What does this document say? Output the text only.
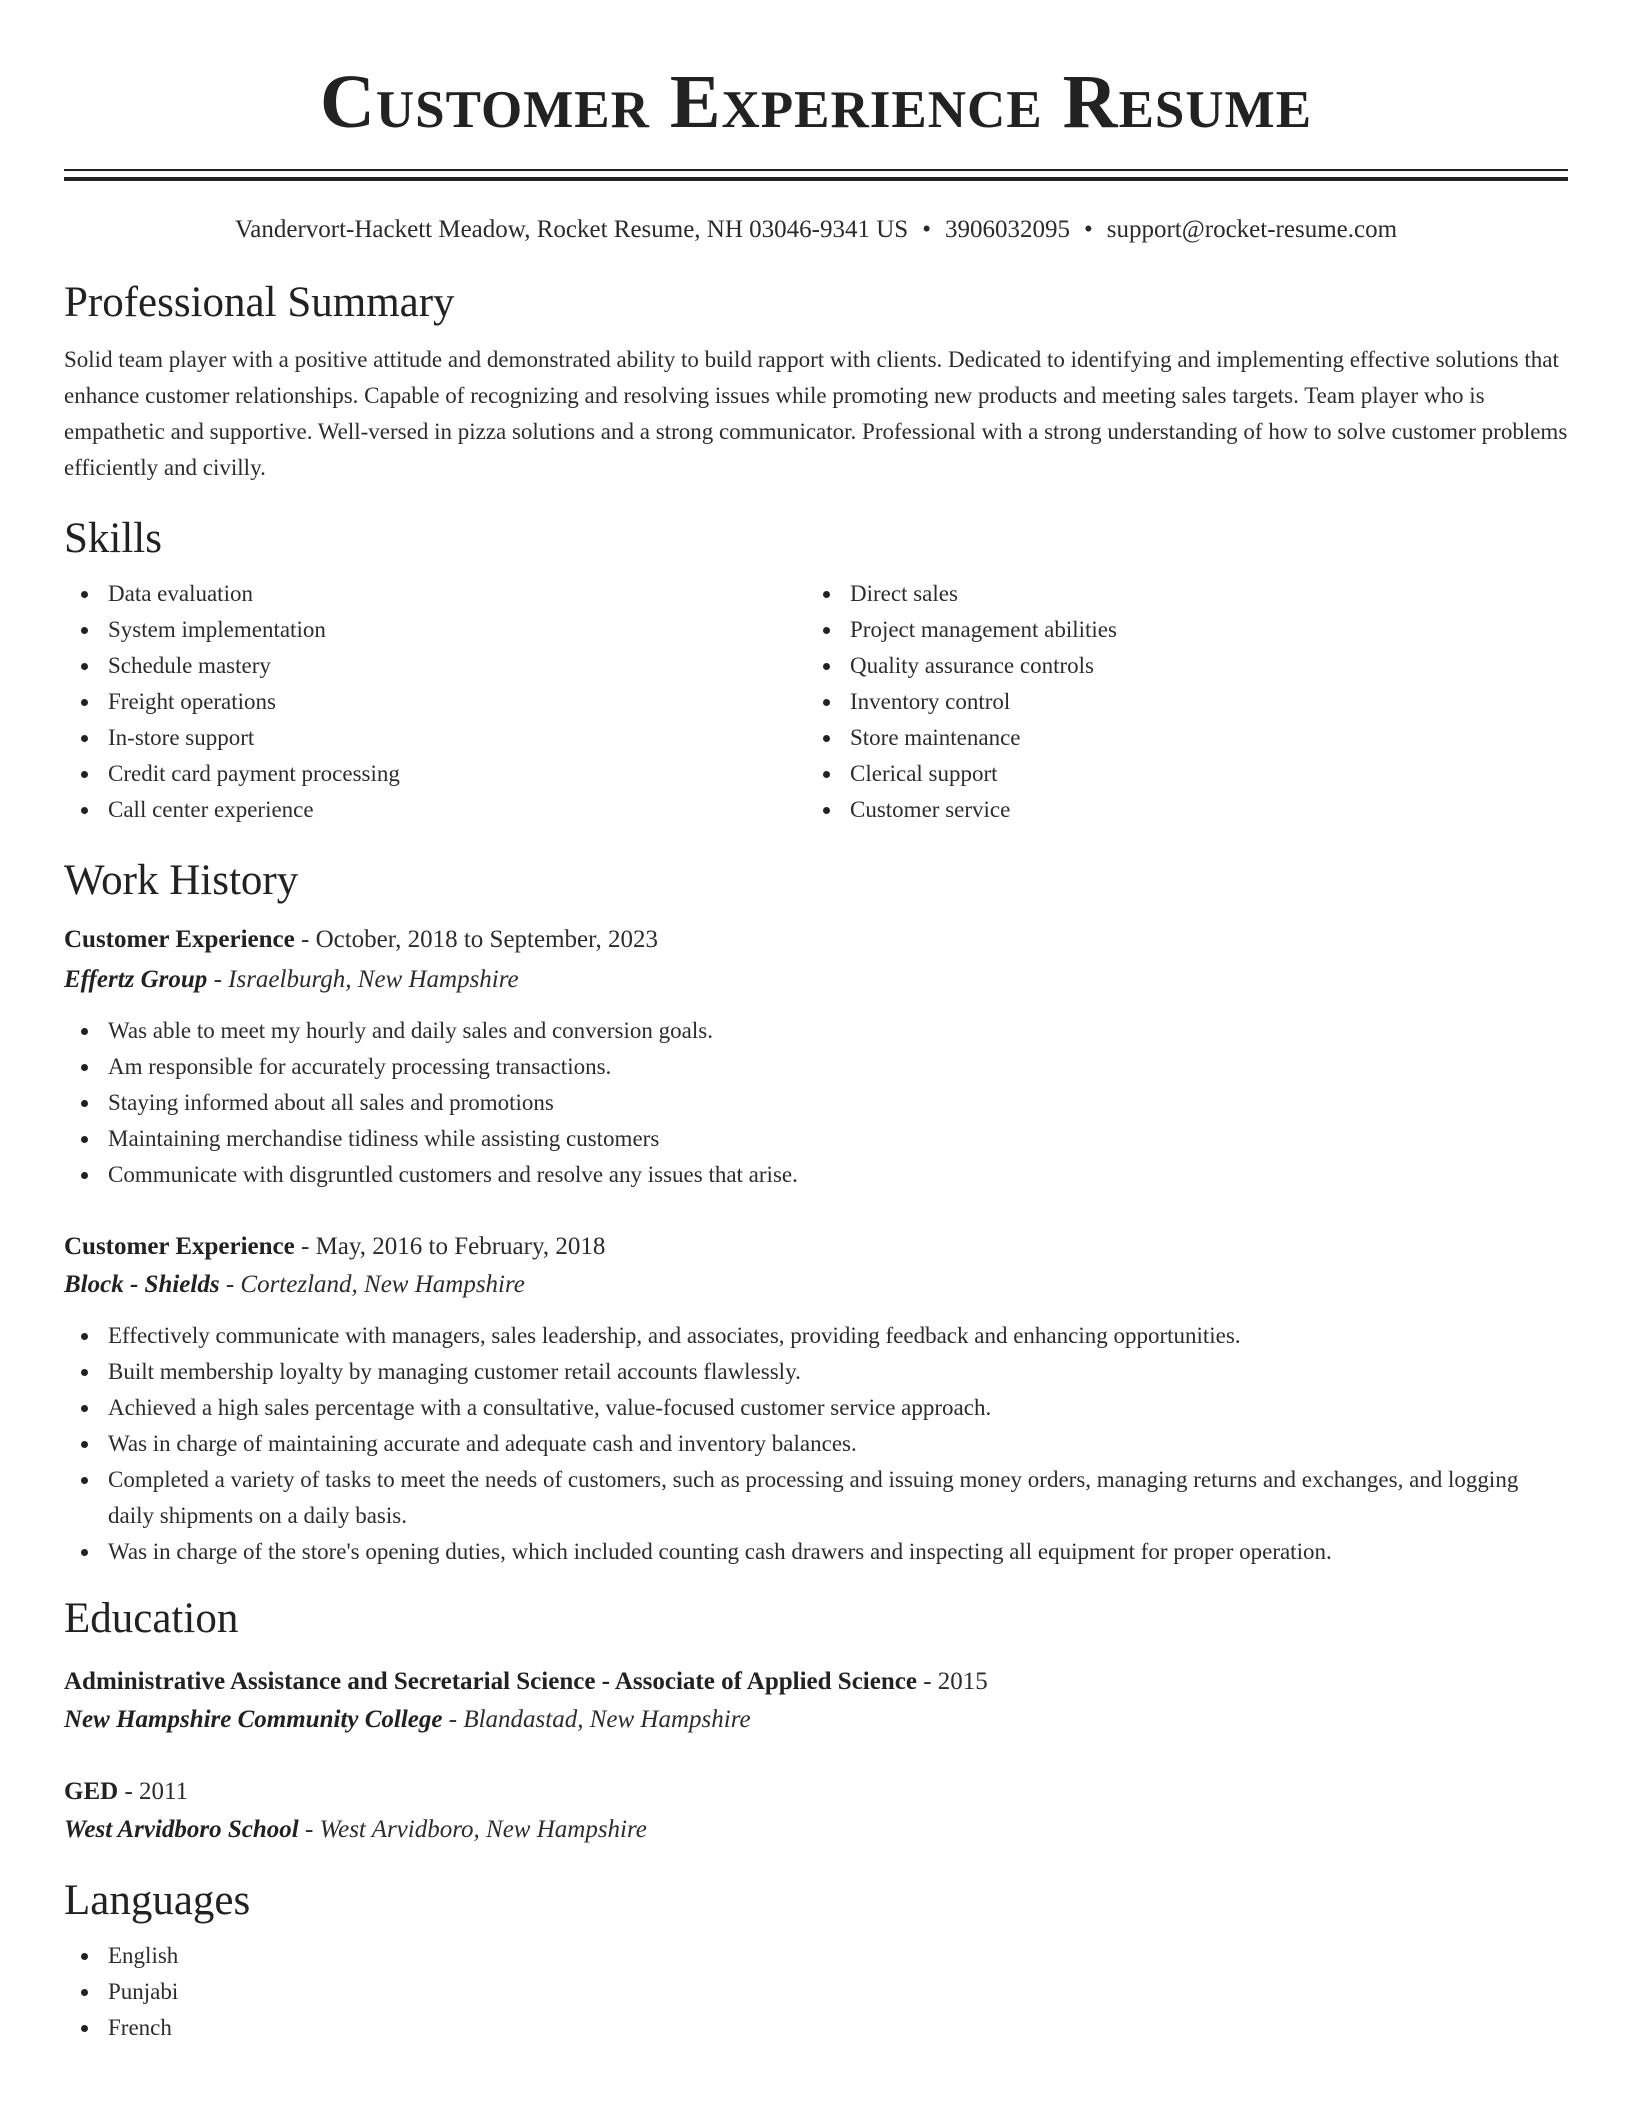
Customer Experience Resume
Vandervort-Hackett Meadow, Rocket Resume, NH 03046-9341 US • 3906032095 • support@rocket-resume.com
Professional Summary

Solid team player with a positive attitude and demonstrated ability to build rapport with clients. Dedicated to identifying and implementing effective solutions that enhance customer relationships. Capable of recognizing and resolving issues while promoting new products and meeting sales targets. Team player who is empathetic and supportive. Well-versed in pizza solutions and a strong communicator. Professional with a strong understanding of how to solve customer problems efficiently and civilly.

Skills
Data evaluation
System implementation
Schedule mastery
Freight operations
In-store support
Credit card payment processing
Call center experience
Direct sales
Project management abilities
Quality assurance controls
Inventory control
Store maintenance
Clerical support
Customer service
Work History
Customer Experience - October, 2018 to September, 2023
Effertz Group - Israelburgh, New Hampshire
Was able to meet my hourly and daily sales and conversion goals.
Am responsible for accurately processing transactions.
Staying informed about all sales and promotions
Maintaining merchandise tidiness while assisting customers
Communicate with disgruntled customers and resolve any issues that arise.
Customer Experience - May, 2016 to February, 2018
Block - Shields - Cortezland, New Hampshire
Effectively communicate with managers, sales leadership, and associates, providing feedback and enhancing opportunities.
Built membership loyalty by managing customer retail accounts flawlessly.
Achieved a high sales percentage with a consultative, value-focused customer service approach.
Was in charge of maintaining accurate and adequate cash and inventory balances.
Completed a variety of tasks to meet the needs of customers, such as processing and issuing money orders, managing returns and exchanges, and logging daily shipments on a daily basis.
Was in charge of the store's opening duties, which included counting cash drawers and inspecting all equipment for proper operation.
Education
Administrative Assistance and Secretarial Science - Associate of Applied Science - 2015
New Hampshire Community College - Blandastad, New Hampshire
GED - 2011
West Arvidboro School - West Arvidboro, New Hampshire
Languages
English
Punjabi
French
